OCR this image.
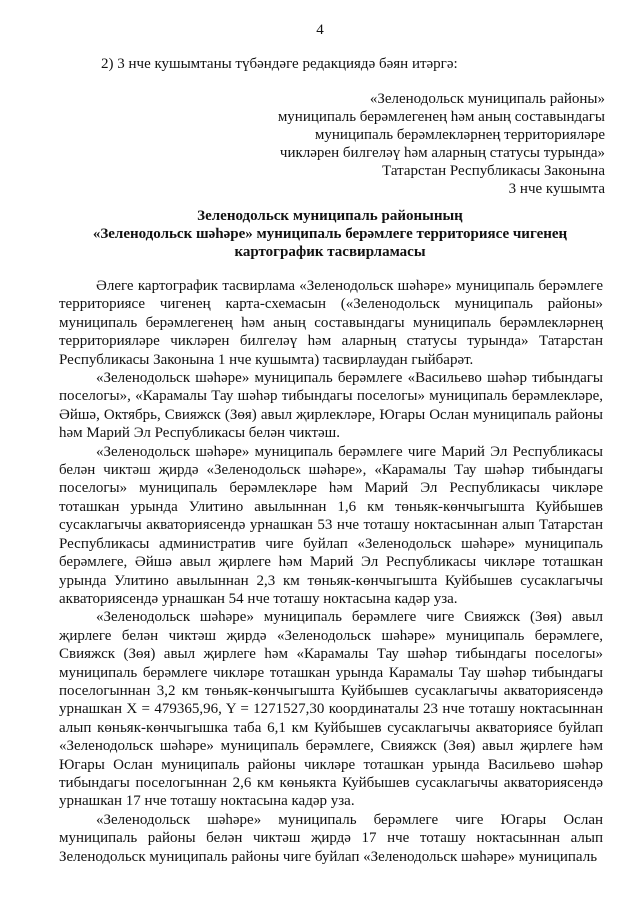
4
2) 3 нче кушымтаны түбәндәге редакциядә бәян итәргә:
«Зеленодольск муниципаль районы»
муниципаль берәмлегенең һәм аның составындагы
муниципаль берәмлекләрнең территорияләре
чикләрен билгеләү һәм аларның статусы турында»
Татарстан Республикасы Законына
3 нче кушымта
Зеленодольск муниципаль районының
«Зеленодольск шәһәре» муниципаль берәмлеге территориясе чигенең
картографик тасвирламасы

Әлеге картографик тасвирлама «Зеленодольск шәһәре» муниципаль берәмлеге территориясе чигенең карта-схемасын («Зеленодольск муниципаль районы» муниципаль берәмлегенең һәм аның составындагы муниципаль берәмлекләрнең территорияләре чикләрен билгеләү һәм аларның статусы турында» Татарстан Республикасы Законына 1 нче кушымта) тасвирлаудан гыйбарәт.

«Зеленодольск шәһәре» муниципаль берәмлеге «Васильево шәһәр тибындагы поселогы», «Карамалы Тау шәһәр тибындагы поселогы» муниципаль берәмлекләре, Әйшә, Октябрь, Свияжск (Зөя) авыл җирлекләре, Югары Ослан муниципаль районы һәм Марий Эл Республикасы белән чиктәш.

«Зеленодольск шәһәре» муниципаль берәмлеге чиге Марий Эл Республикасы белән чиктәш җирдә «Зеленодольск шәһәре», «Карамалы Тау шәһәр тибындагы поселогы» муниципаль берәмлекләре һәм Марий Эл Республикасы чикләре тоташкан урында Улитино авылыннан 1,6 км төньяк-көнчыгышта Куйбышев сусаклагычы акваториясендә урнашкан 53 нче тоташу ноктасыннан алып Татарстан Республикасы административ чиге буйлап «Зеленодольск шәһәре» муниципаль берәмлеге, Әйшә авыл җирлеге һәм Марий Эл Республикасы чикләре тоташкан урында Улитино авылыннан 2,3 км төньяк-көнчыгышта Куйбышев сусаклагычы акваториясендә урнашкан 54 нче тоташу ноктасына кадәр уза.

«Зеленодольск шәһәре» муниципаль берәмлеге чиге Свияжск (Зөя) авыл җирлеге белән чиктәш җирдә «Зеленодольск шәһәре» муниципаль берәмлеге, Свияжск (Зөя) авыл җирлеге һәм «Карамалы Тау шәһәр тибындагы поселогы» муниципаль берәмлеге чикләре тоташкан урында Карамалы Тау шәһәр тибындагы поселогыннан 3,2 км төньяк-көнчыгышта Куйбышев сусаклагычы акваториясендә урнашкан X = 479365,96, Y = 1271527,30 координаталы 23 нче тоташу ноктасыннан алып көньяк-көнчыгышка таба 6,1 км Куйбышев сусаклагычы акваториясе буйлап «Зеленодольск шәһәре» муниципаль берәмлеге, Свияжск (Зөя) авыл җирлеге һәм Югары Ослан муниципаль районы чикләре тоташкан урында Васильево шәһәр тибындагы поселогыннан 2,6 км көньякта Куйбышев сусаклагычы акваториясендә урнашкан 17 нче тоташу ноктасына кадәр уза.

«Зеленодольск шәһәре» муниципаль берәмлеге чиге Югары Ослан муниципаль районы белән чиктәш җирдә 17 нче тоташу ноктасыннан алып Зеленодольск муниципаль районы чиге буйлап «Зеленодольск шәһәре» муниципаль
